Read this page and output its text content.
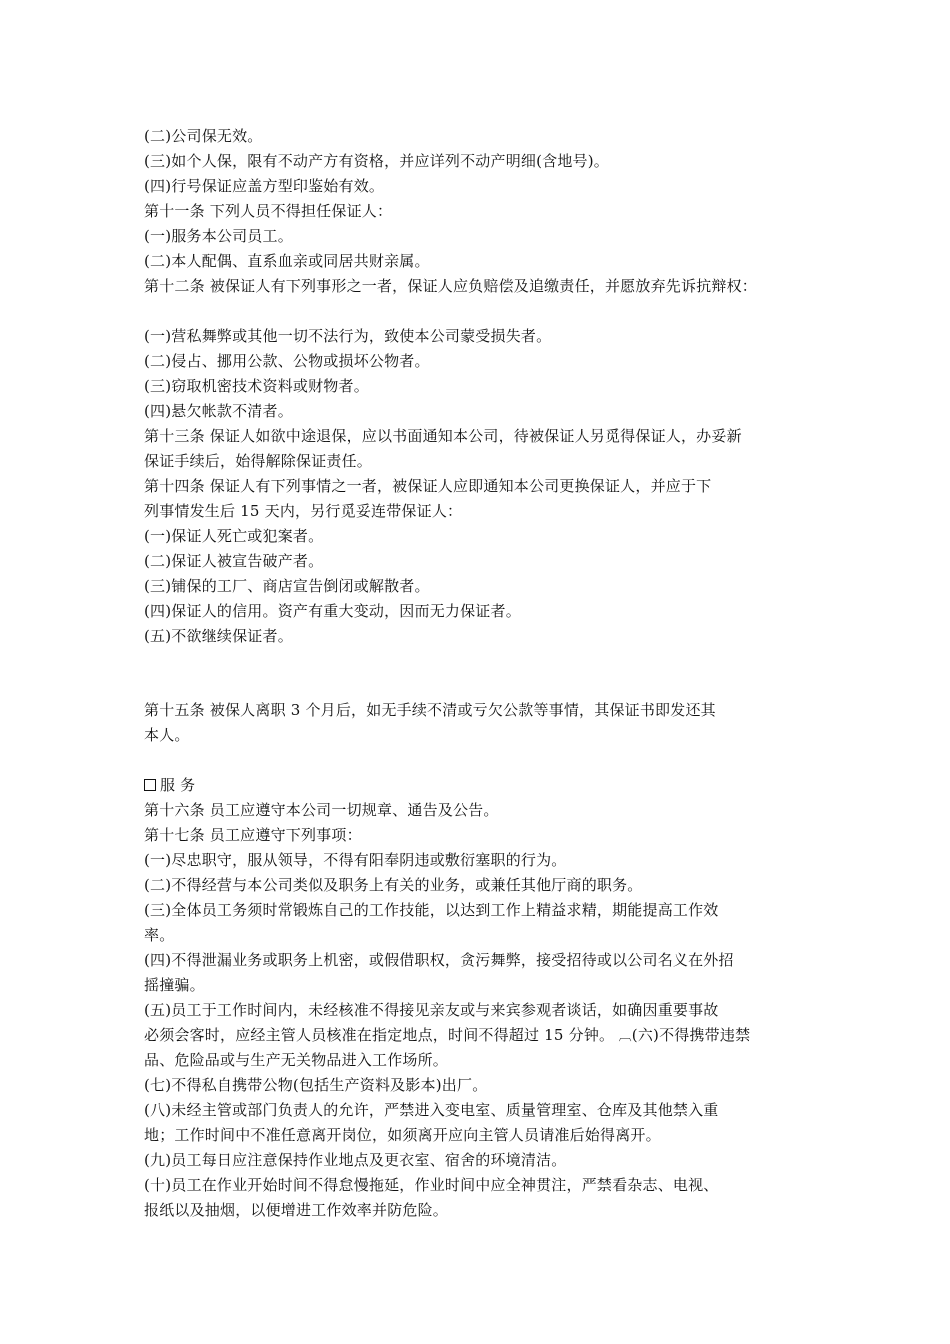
(二)公司保无效。
(三)如个人保，限有不动产方有资格，并应详列不动产明细(含地号)。
(四)行号保证应盖方型印鉴始有效。
第十一条 下列人员不得担任保证人：
(一)服务本公司员工。
(二)本人配偶、直系血亲或同居共财亲属。
第十二条 被保证人有下列事形之一者，保证人应负赔偿及追缴责任，并愿放弃先诉抗辩权：
(一)营私舞弊或其他一切不法行为，致使本公司蒙受损失者。
(二)侵占、挪用公款、公物或损坏公物者。
(三)窃取机密技术资料或财物者。
(四)悬欠帐款不清者。
第十三条 保证人如欲中途退保，应以书面通知本公司，待被保证人另觅得保证人，办妥新
保证手续后，始得解除保证责任。
第十四条 保证人有下列事情之一者，被保证人应即通知本公司更换保证人，并应于下
列事情发生后 15 天内，另行觅妥连带保证人：
(一)保证人死亡或犯案者。
(二)保证人被宣告破产者。
(三)铺保的工厂、商店宣告倒闭或解散者。
(四)保证人的信用。资产有重大变动，因而无力保证者。
(五)不欲继续保证者。
第十五条 被保人离职 3 个月后，如无手续不清或亏欠公款等事情，其保证书即发还其
本人。
服 务
第十六条 员工应遵守本公司一切规章、通告及公告。
第十七条 员工应遵守下列事项：
(一)尽忠职守，服从领导，不得有阳奉阴违或敷衍塞职的行为。
(二)不得经营与本公司类似及职务上有关的业务，或兼任其他厅商的职务。
(三)全体员工务须时常锻炼自己的工作技能，以达到工作上精益求精，期能提高工作效
率。
(四)不得泄漏业务或职务上机密，或假借职权，贪污舞弊，接受招待或以公司名义在外招
摇撞骗。
(五)员工于工作时间内，未经核准不得接见亲友或与来宾参观者谈话，如确因重要事故
必须会客时，应经主管人员核准在指定地点，时间不得超过 15 分钟。 ︹(六)不得携带违禁
品、危险品或与生产无关物品进入工作场所。
(七)不得私自携带公物(包括生产资料及影本)出厂。
(八)未经主管或部门负责人的允许，严禁进入变电室、质量管理室、仓库及其他禁入重
地；工作时间中不准任意离开岗位，如须离开应向主管人员请准后始得离开。
(九)员工每日应注意保持作业地点及更衣室、宿舍的环境清洁。
(十)员工在作业开始时间不得怠慢拖延，作业时间中应全神贯注，严禁看杂志、电视、
报纸以及抽烟，以便增进工作效率并防危险。
